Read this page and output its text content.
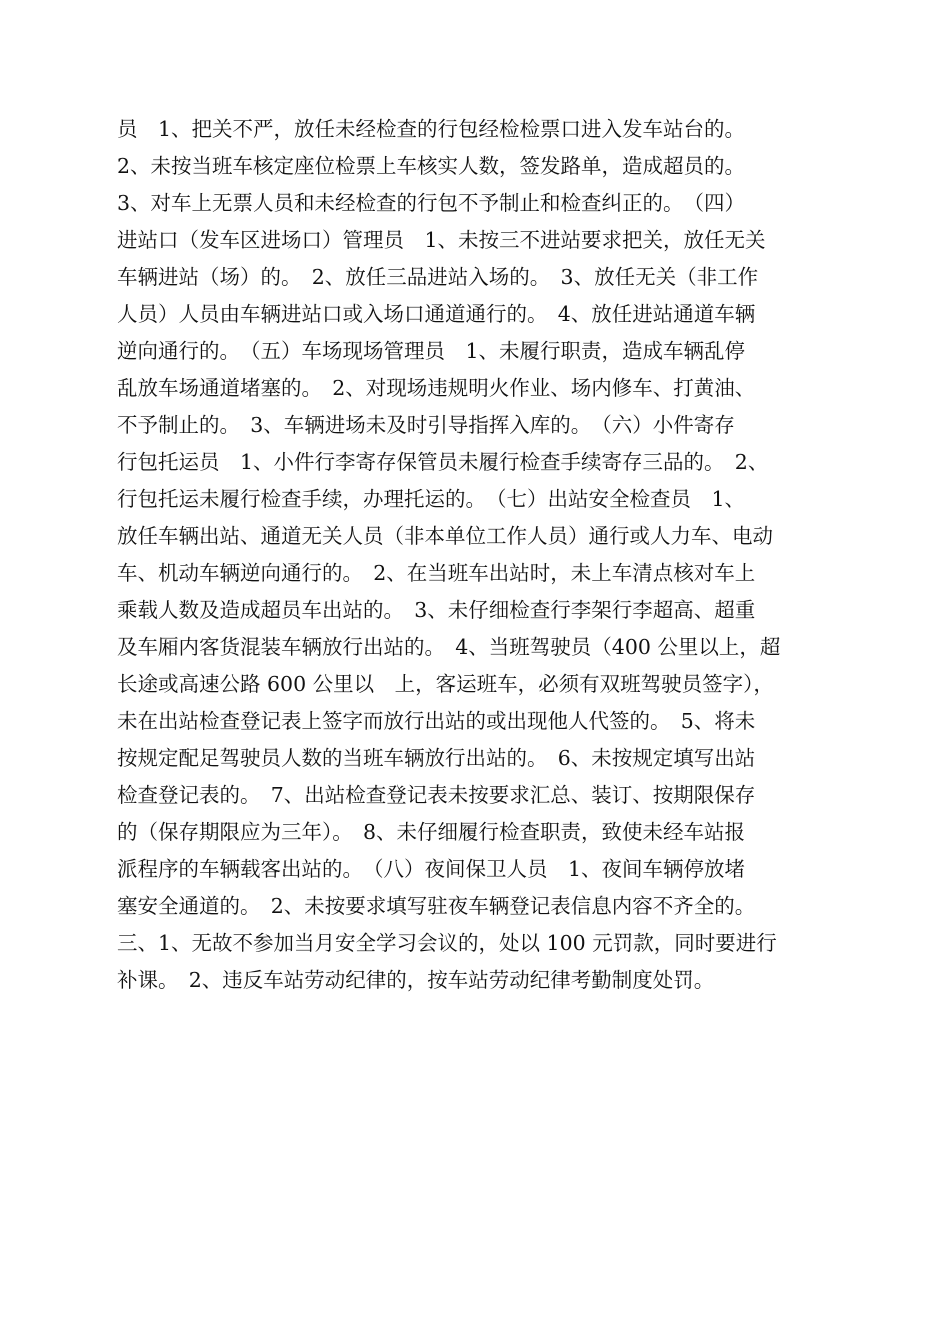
员　1、把关不严，放任未经检查的行包经检检票口进入发车站台的。
2、未按当班车核定座位检票上车核实人数，签发路单，造成超员的。
3、对车上无票人员和未经检查的行包不予制止和检查纠正的。　（四）
进站口（发车区进场口）管理员　1、未按三不进站要求把关，放任无关
车辆进站（场）的。　2、放任三品进站入场的。　3、放任无关（非工作
人员）人员由车辆进站口或入场口通道通行的。　4、放任进站通道车辆
逆向通行的。　（五）车场现场管理员　1、未履行职责，造成车辆乱停
乱放车场通道堵塞的。　2、对现场违规明火作业、场内修车、打黄油、
不予制止的。　3、车辆进场未及时引导指挥入库的。　（六）小件寄存
行包托运员　1、小件行李寄存保管员未履行检查手续寄存三品的。　2、
行包托运未履行检查手续，办理托运的。　（七）出站安全检查员　1、
放任车辆出站、通道无关人员（非本单位工作人员）通行或人力车、电动
车、机动车辆逆向通行的。　2、在当班车出站时，未上车清点核对车上
乘载人数及造成超员车出站的。　3、未仔细检查行李架行李超高、超重
及车厢内客货混装车辆放行出站的。　4、当班驾驶员（400 公里以上，超
长途或高速公路 600 公里以　上，客运班车，必须有双班驾驶员签字），
未在出站检查登记表上签字而放行出站的或出现他人代签的。　5、将未
按规定配足驾驶员人数的当班车辆放行出站的。　6、未按规定填写出站
检查登记表的。　7、出站检查登记表未按要求汇总、装订、按期限保存
的（保存期限应为三年）。　8、未仔细履行检查职责，致使未经车站报
派程序的车辆载客出站的。　（八）夜间保卫人员　1、夜间车辆停放堵
塞安全通道的。　2、未按要求填写驻夜车辆登记表信息内容不齐全的。
三、1、无故不参加当月安全学习会议的，处以 100 元罚款，同时要进行
补课。　2、违反车站劳动纪律的，按车站劳动纪律考勤制度处罚。
